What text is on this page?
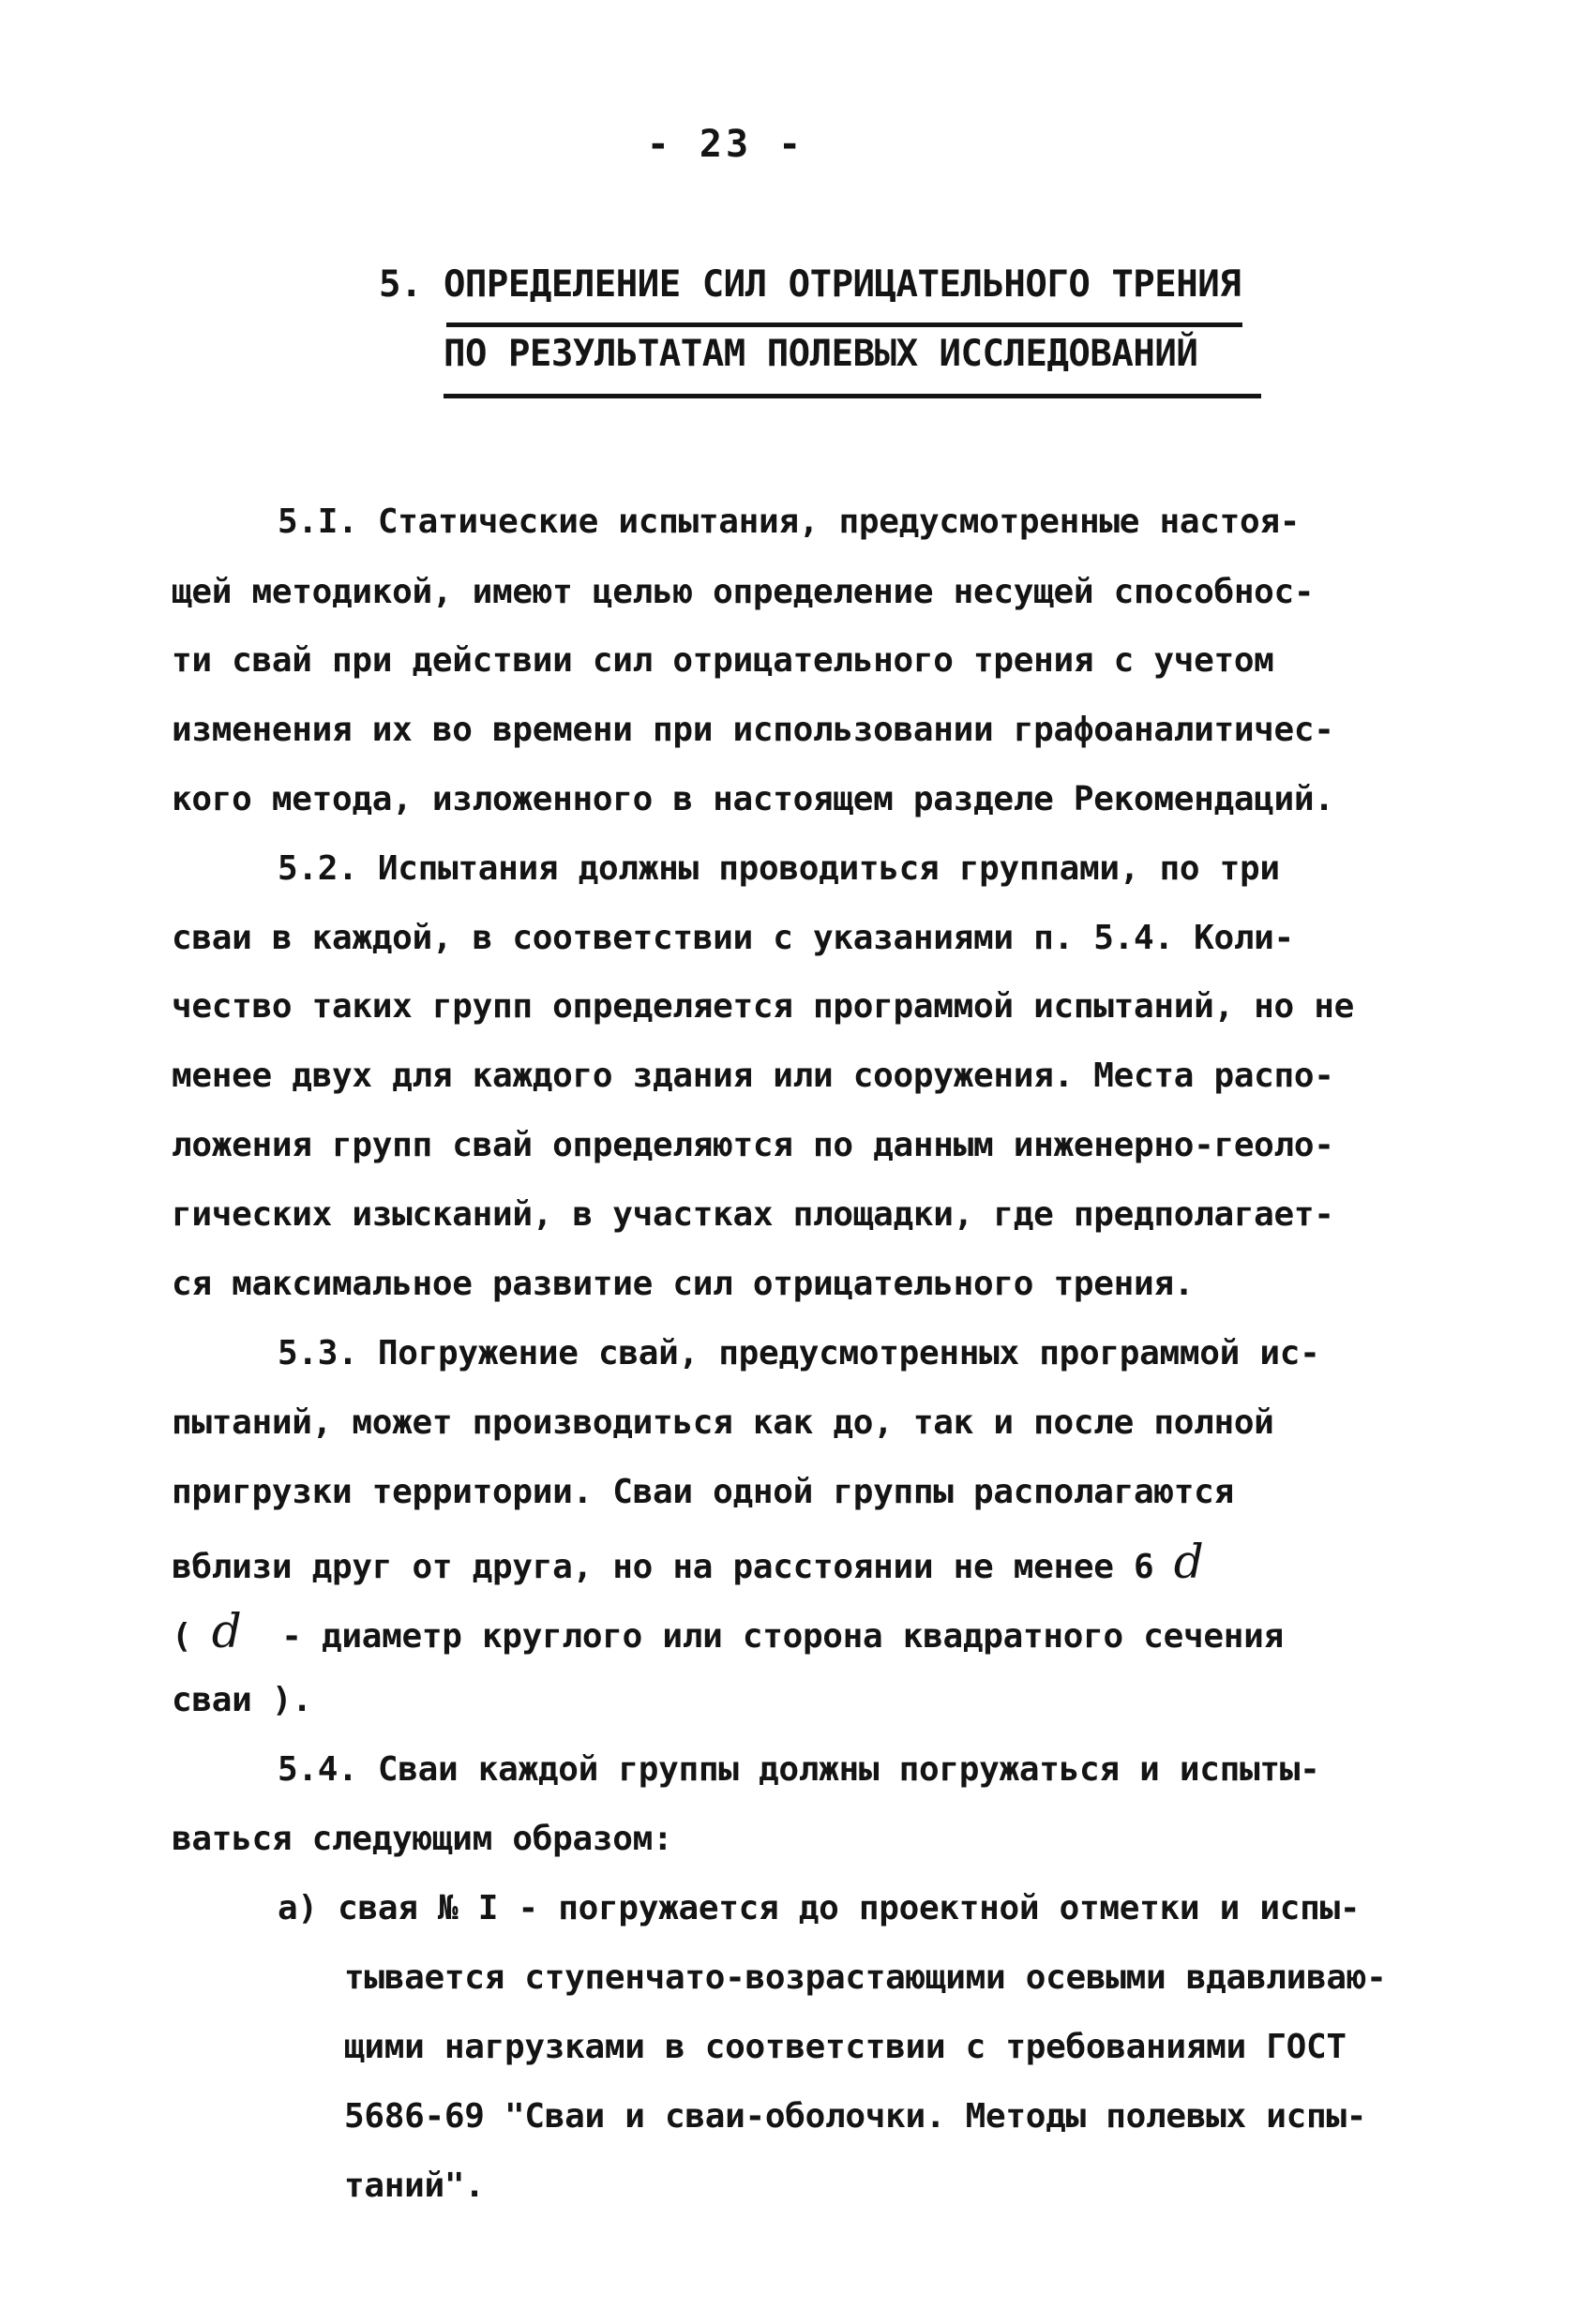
- 23 -
5. ОПРЕДЕЛЕНИЕ СИЛ ОТРИЦАТЕЛЬНОГО ТРЕНИЯ
ПО РЕЗУЛЬТАТАМ ПОЛЕВЫХ ИССЛЕДОВАНИЙ
5.I. Статические испытания, предусмотренные настоя-
щей методикой, имеют целью определение несущей способнос-
ти свай при действии сил отрицательного трения с учетом
изменения их во времени при использовании графоаналитичес-
кого метода, изложенного в настоящем разделе Рекомендаций.
5.2. Испытания должны проводиться группами, по три
сваи в каждой, в соответствии с указаниями п. 5.4. Коли-
чество таких групп определяется программой испытаний, но не
менее двух для каждого здания или сооружения. Места распо-
ложения групп свай определяются по данным инженерно-геоло-
гических изысканий, в участках площадки, где предполагает-
ся максимальное развитие сил отрицательного трения.
5.3. Погружение свай, предусмотренных программой ис-
пытаний, может производиться как до, так и после полной
пригрузки территории. Сваи одной группы располагаются
вблизи друг от друга, но на расстоянии не менее 6 d
( d - диаметр круглого или сторона квадратного сечения
сваи ).
5.4. Сваи каждой группы должны погружаться и испыты-
ваться следующим образом:
а) свая № I - погружается до проектной отметки и испы-
тывается ступенчато-возрастающими осевыми вдавливаю-
щими нагрузками в соответствии с требованиями ГОСТ
5686-69 "Сваи и сваи-оболочки. Методы полевых испы-
таний".
